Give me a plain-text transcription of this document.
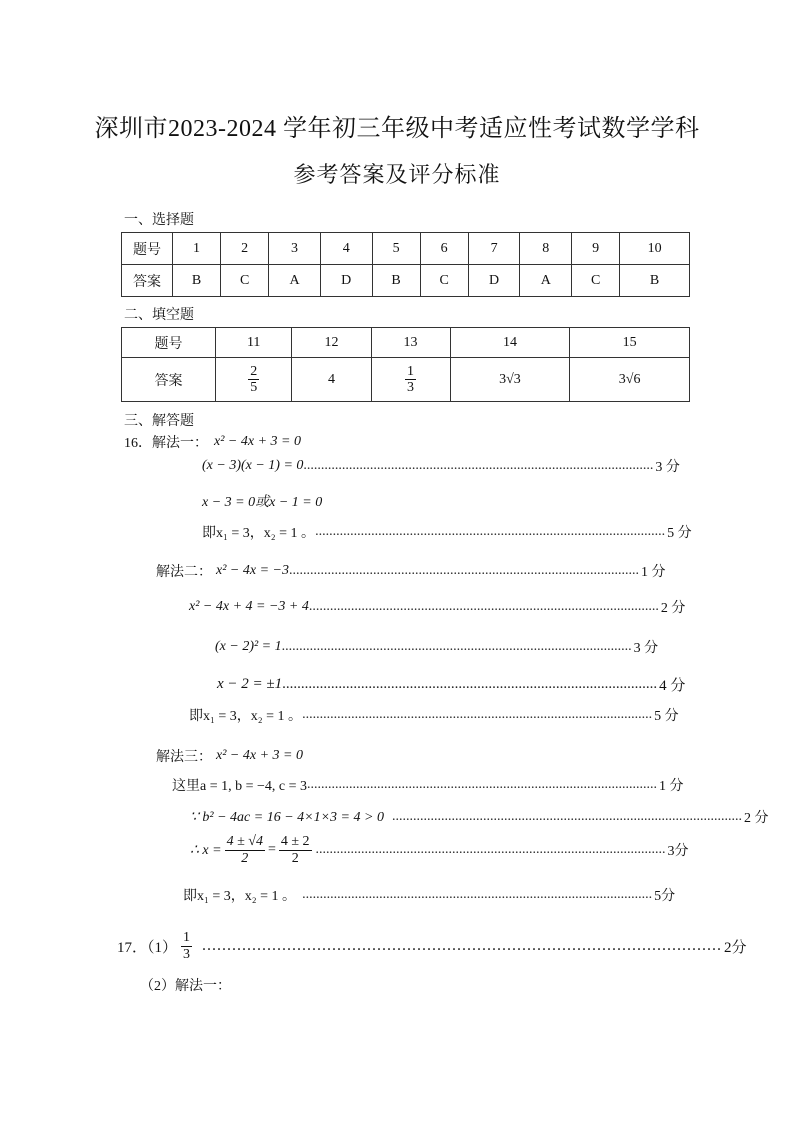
深圳市2023-2024 学年初三年级中考适应性考试数学学科
参考答案及评分标准
一、选择题
题号	1	2	3	4	5	6	7	8	9	10
答案	B	C	A	D	B	C	D	A	C	B
二、填空题
题号	11	12	13	14	15
答案	$\frac{2}{5}$	4	$\frac{1}{3}$	3√3	3√6
三、解答题
16．解法一： x² − 4x + 3 = 0
(x − 3)(x − 1) = 0 .................................................................................................... 3 分
x − 3 = 0或x − 1 = 0
即x₁ = 3，x₂ = 1 。 .................................................................................................... 5 分
解法二： x² − 4x = −3 .................................................................................................... 1 分
x² − 4x + 4 = −3 + 4 .................................................................................................... 2 分
(x − 2)² = 1 .................................................................................................... 3 分
x − 2 = ±1 .................................................................................................... 4 分
即x₁ = 3，x₂ = 1 。 .................................................................................................... 5 分
解法三： x² − 4x + 3 = 0
这里a = 1, b = −4, c = 3 .................................................................................................... 1 分
∵ b² − 4ac = 16 − 4×1×3 = 4 > 0 .................................................................................................... 2 分
∴ $x = \frac{4 \pm √4}{2} = \frac{4 \pm 2}{2}$ .................................................................................................... 3分
即x₁ = 3，x₂ = 1 。 .................................................................................................... 5分
17．$(1) \frac{1}{3}$ ........................................................................................................ 2分
（2）解法一：
